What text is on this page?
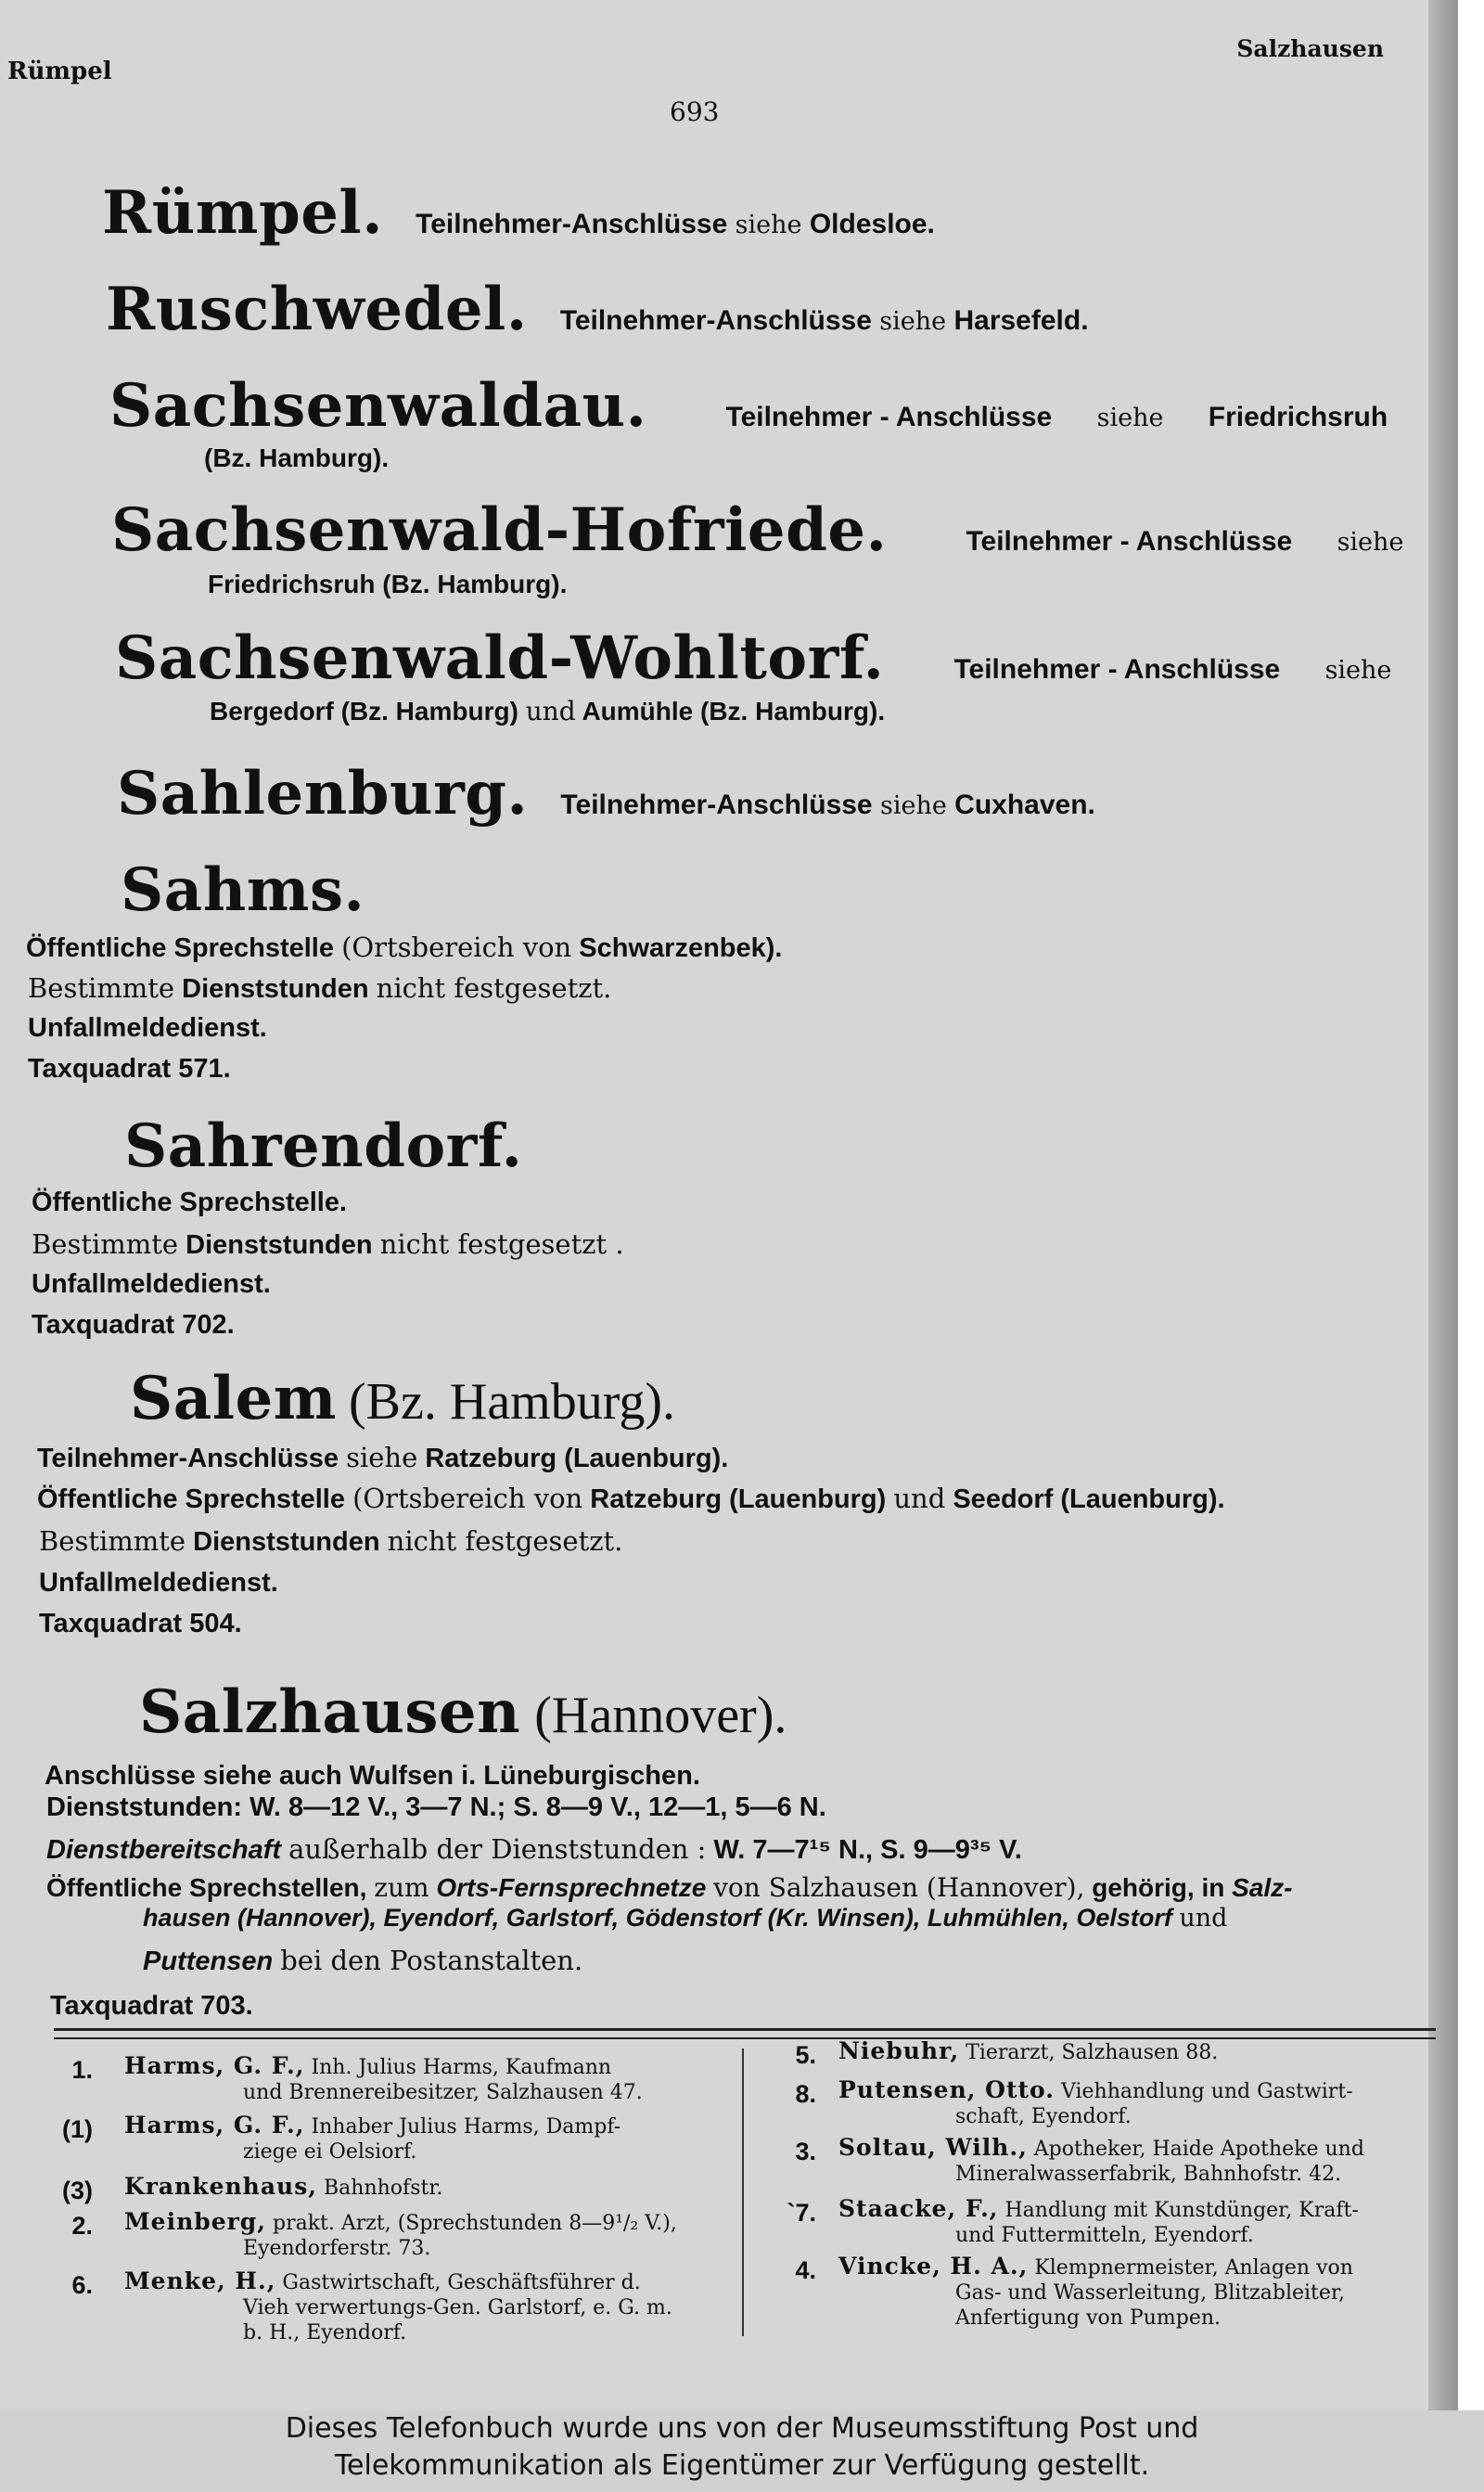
Rümpel
Salzhausen
693
Rümpel. Teilnehmer-Anschlüsse siehe Oldesloe.
Ruschwedel. Teilnehmer-Anschlüsse siehe Harsefeld.
Sachsenwaldau.	Teilnehmer - Anschlüsse siehe Friedrichsruh
(Bz. Hamburg).
Sachsenwald-Hofriede.	Teilnehmer - Anschlüsse siehe
Friedrichsruh (Bz. Hamburg).
Sachsenwald-Wohltorf.	Teilnehmer - Anschlüsse siehe
Bergedorf (Bz. Hamburg) und Aumühle (Bz. Hamburg).
Sahlenburg. Teilnehmer-Anschlüsse siehe Cuxhaven.
Sahms.
Öffentliche Sprechstelle (Ortsbereich von Schwarzenbek).
Bestimmte Dienststunden nicht festgesetzt.
Unfallmeldedienst.
Taxquadrat 571.
Sahrendorf.
Öffentliche Sprechstelle.
Bestimmte Dienststunden nicht festgesetzt .
Unfallmeldedienst.
Taxquadrat 702.
Salem (Bz. Hamburg).
Teilnehmer-Anschlüsse siehe Ratzeburg (Lauenburg).
Öffentliche Sprechstelle (Ortsbereich von Ratzeburg (Lauenburg) und Seedorf (Lauenburg).
Bestimmte Dienststunden nicht festgesetzt.
Unfallmeldedienst.
Taxquadrat 504.
Salzhausen (Hannover).
Anschlüsse siehe auch Wulfsen i. Lüneburgischen.
Dienststunden: W. 8—12 V., 3—7 N.; S. 8—9 V., 12—1, 5—6 N.
Dienstbereitschaft außerhalb der Dienststunden : W. 7—7¹⁵ N., S. 9—9³⁵ V.
Öffentliche Sprechstellen, zum Orts-Fernsprechnetze von Salzhausen (Hannover), gehörig, in Salz-
hausen (Hannover), Eyendorf, Garlstorf, Gödenstorf (Kr. Winsen), Luhmühlen, Oelstorf und
Puttensen bei den Postanstalten.
Taxquadrat 703.
1. Harms, G. F., Inh. Julius Harms, Kaufmann
und Brennereibesitzer, Salzhausen 47.
(1) Harms, G. F., Inhaber Julius Harms, Dampf-
ziege ei Oelsiorf.
(3) Krankenhaus, Bahnhofstr.
2. Meinberg, prakt. Arzt, (Sprechstunden 8—9¹/₂ V.),
Eyendorferstr. 73.
6. Menke, H., Gastwirtschaft, Geschäftsführer d.
Vieh verwertungs-Gen. Garlstorf, e. G. m.
b. H., Eyendorf.
5. Niebuhr, Tierarzt, Salzhausen 88.
8. Putensen, Otto. Viehhandlung und Gastwirt-
schaft, Eyendorf.
3. Soltau, Wilh., Apotheker, Haide Apotheke und
Mineralwasserfabrik, Bahnhofstr. 42.
`7. Staacke, F., Handlung mit Kunstdünger, Kraft-
und Futtermitteln, Eyendorf.
4. Vincke, H. A., Klempnermeister, Anlagen von
Gas- und Wasserleitung, Blitzableiter,
Anfertigung von Pumpen.
Dieses Telefonbuch wurde uns von der Museumsstiftung Post und
Telekommunikation als Eigentümer zur Verfügung gestellt.
